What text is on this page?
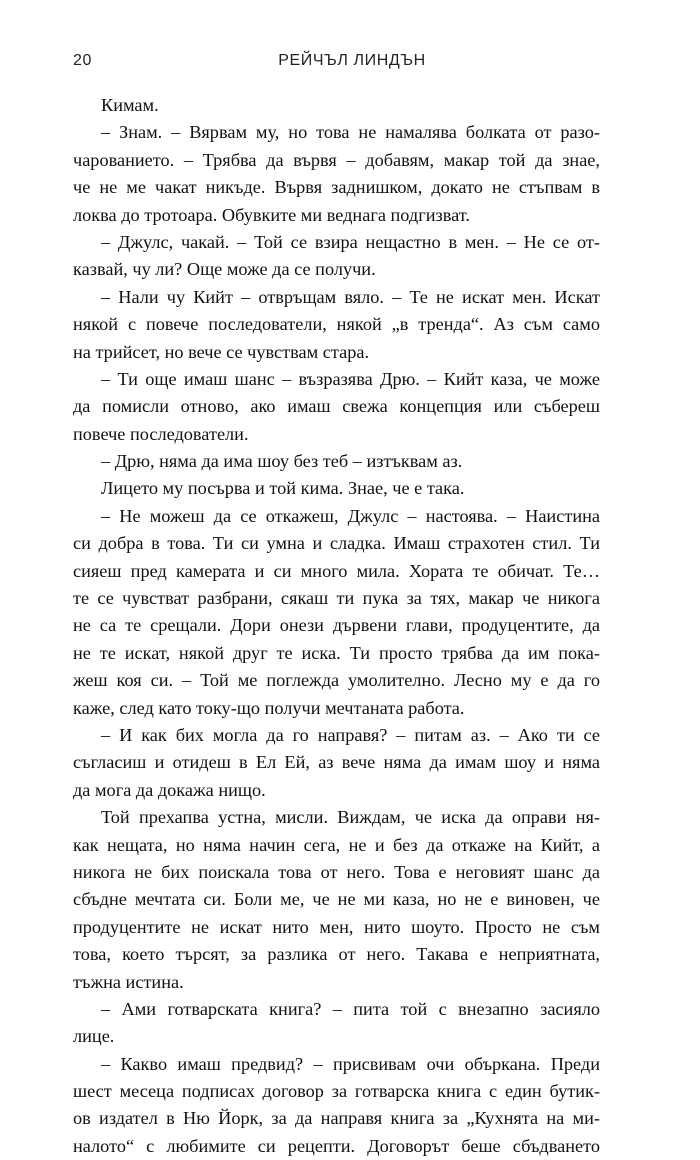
20	РЕЙЧЪЛ ЛИНДЪН
Кимам.
– Знам. – Вярвам му, но това не намалява болката от разо-
чарованието. – Трябва да вървя – добавям, макар той да знае,
че не ме чакат никъде. Вървя заднишком, докато не стъпвам в
локва до тротоара. Обувките ми веднага подгизват.
– Джулс, чакай. – Той се взира нещастно в мен. – Не се от-
казвай, чу ли? Още може да се получи.
– Нали чу Кийт – отвръщам вяло. – Те не искат мен. Искат
някой с повече последователи, някой „в тренда“. Аз съм само
на трийсет, но вече се чувствам стара.
– Ти още имаш шанс – възразява Дрю. – Кийт каза, че може
да помисли отново, ако имаш свежа концепция или събереш
повече последователи.
– Дрю, няма да има шоу без теб – изтъквам аз.
Лицето му посърва и той кима. Знае, че е така.
– Не можеш да се откажеш, Джулс – настоява. – Наистина
си добра в това. Ти си умна и сладка. Имаш страхотен стил. Ти
сияеш пред камерата и си много мила. Хората те обичат. Те…
те се чувстват разбрани, сякаш ти пука за тях, макар че никога
не са те срещали. Дори онези дървени глави, продуцентите, да
не те искат, някой друг те иска. Ти просто трябва да им пока-
жеш коя си. – Той ме поглежда умолително. Лесно му е да го
каже, след като току-що получи мечтаната работа.
– И как бих могла да го направя? – питам аз. – Ако ти се
съгласиш и отидеш в Ел Ей, аз вече няма да имам шоу и няма
да мога да докажа нищо.
Той прехапва устна, мисли. Виждам, че иска да оправи ня-
как нещата, но няма начин сега, не и без да откаже на Кийт, а
никога не бих поискала това от него. Това е неговият шанс да
сбъдне мечтата си. Боли ме, че не ми каза, но не е виновен, че
продуцентите не искат нито мен, нито шоуто. Просто не съм
това, което търсят, за разлика от него. Такава е неприятната,
тъжна истина.
– Ами готварската книга? – пита той с внезапно засияло
лице.
– Какво имаш предвид? – присвивам очи объркана. Преди
шест месеца подписах договор за готварска книга с един бутик-
ов издател в Ню Йорк, за да направя книга за „Кухнята на ми-
налото“ с любимите си рецепти. Договорът беше сбъдването
